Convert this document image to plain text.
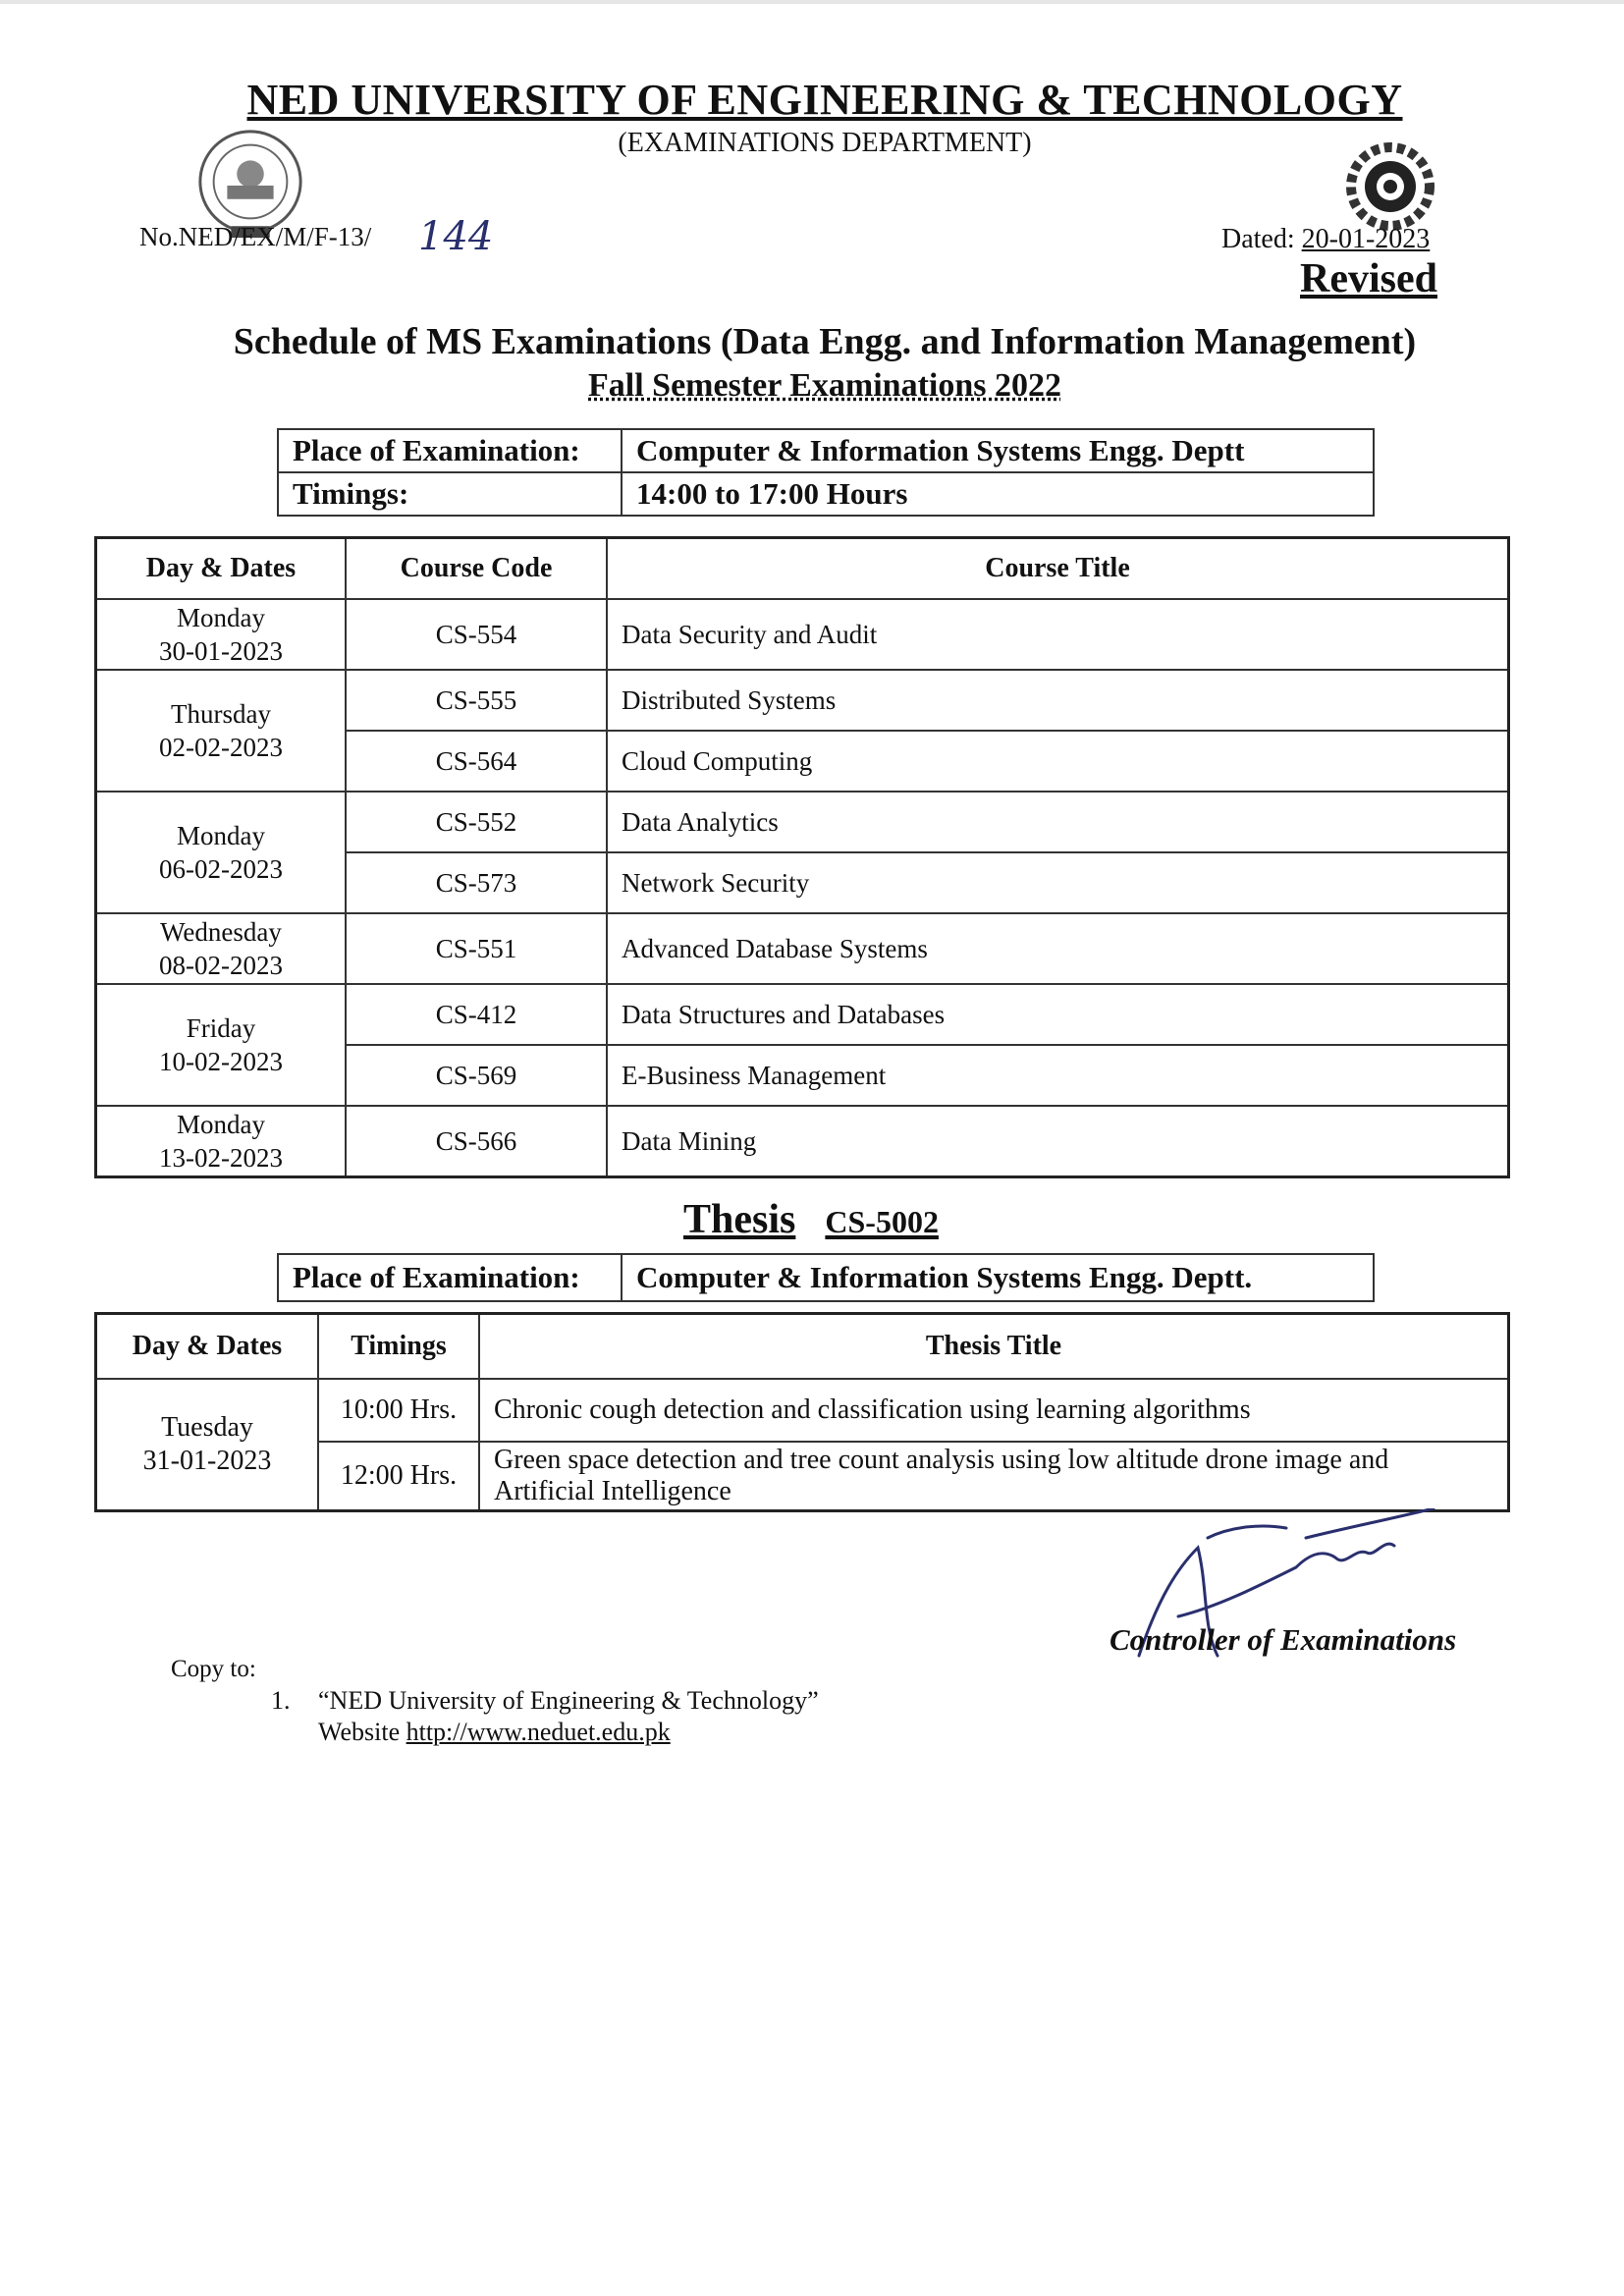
NED UNIVERSITY OF ENGINEERING & TECHNOLOGY
(EXAMINATIONS DEPARTMENT)
No.NED/EX/M/F-13/ 144	Dated: 20-01-2023
Revised
Schedule of MS Examinations (Data Engg. and Information Management)
Fall Semester Examinations 2022
Place of Examination:	Computer & Information Systems Engg. Deptt
Timings:	14:00 to 17:00 Hours
Day & Dates	Course Code	Course Title
Monday
30-01-2023	CS-554	Data Security and Audit
Thursday
02-02-2023	CS-555	Distributed Systems
	CS-564	Cloud Computing
Monday
06-02-2023	CS-552	Data Analytics
	CS-573	Network Security
Wednesday
08-02-2023	CS-551	Advanced Database Systems
Friday
10-02-2023	CS-412	Data Structures and Databases
	CS-569	E-Business Management
Monday
13-02-2023	CS-566	Data Mining
Thesis CS-5002
Place of Examination:	Computer & Information Systems Engg. Deptt.
Day & Dates	Timings	Thesis Title
Tuesday
31-01-2023	10:00 Hrs.	Chronic cough detection and classification using learning algorithms
	12:00 Hrs.	Green space detection and tree count analysis using low altitude drone image and
Artificial Intelligence
Controller of Examinations
Copy to:
1. “NED University of Engineering & Technology”

Website http://www.neduet.edu.pk
